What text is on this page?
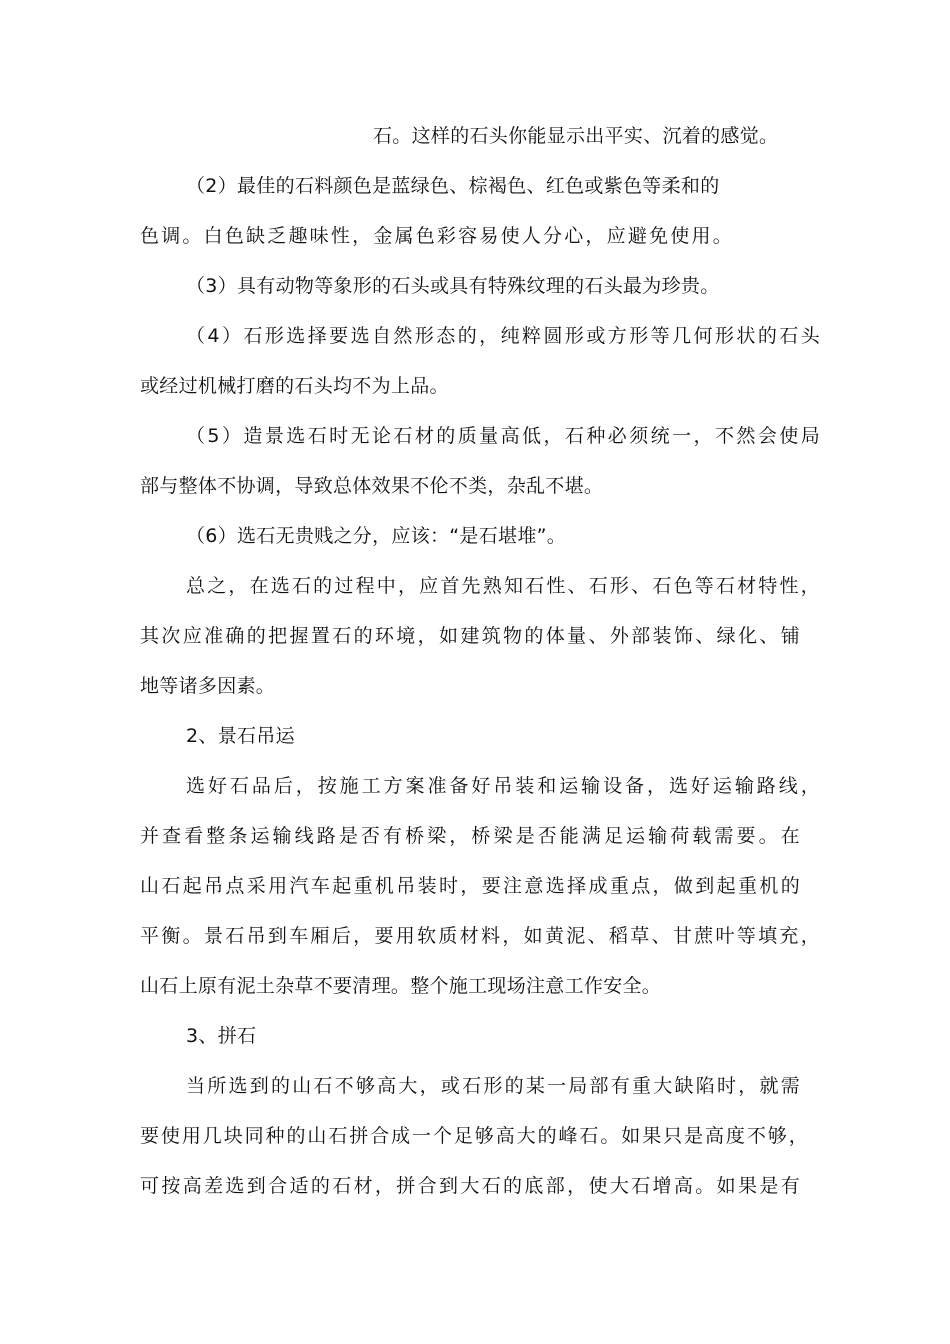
石。这样的石头你能显示出平实、沉着的感觉。
（2）最佳的石料颜色是蓝绿色、棕褐色、红色或紫色等柔和的
色调。白色缺乏趣味性，金属色彩容易使人分心，应避免使用。
（3）具有动物等象形的石头或具有特殊纹理的石头最为珍贵。
（4）石形选择要选自然形态的，纯粹圆形或方形等几何形状的石头
或经过机械打磨的石头均不为上品。
（5）造景选石时无论石材的质量高低，石种必须统一，不然会使局
部与整体不协调，导致总体效果不伦不类，杂乱不堪。
（6）选石无贵贱之分，应该：“是石堪堆”。
总之，在选石的过程中，应首先熟知石性、石形、石色等石材特性，
其次应准确的把握置石的环境，如建筑物的体量、外部装饰、绿化、铺
地等诸多因素。
2、景石吊运
选好石品后，按施工方案准备好吊装和运输设备，选好运输路线，
并查看整条运输线路是否有桥梁，桥梁是否能满足运输荷载需要。在
山石起吊点采用汽车起重机吊装时，要注意选择成重点，做到起重机的
平衡。景石吊到车厢后，要用软质材料，如黄泥、稻草、甘蔗叶等填充，
山石上原有泥土杂草不要清理。整个施工现场注意工作安全。
3、拼石
当所选到的山石不够高大，或石形的某一局部有重大缺陷时，就需
要使用几块同种的山石拼合成一个足够高大的峰石。如果只是高度不够，
可按高差选到合适的石材，拼合到大石的底部，使大石增高。如果是有
